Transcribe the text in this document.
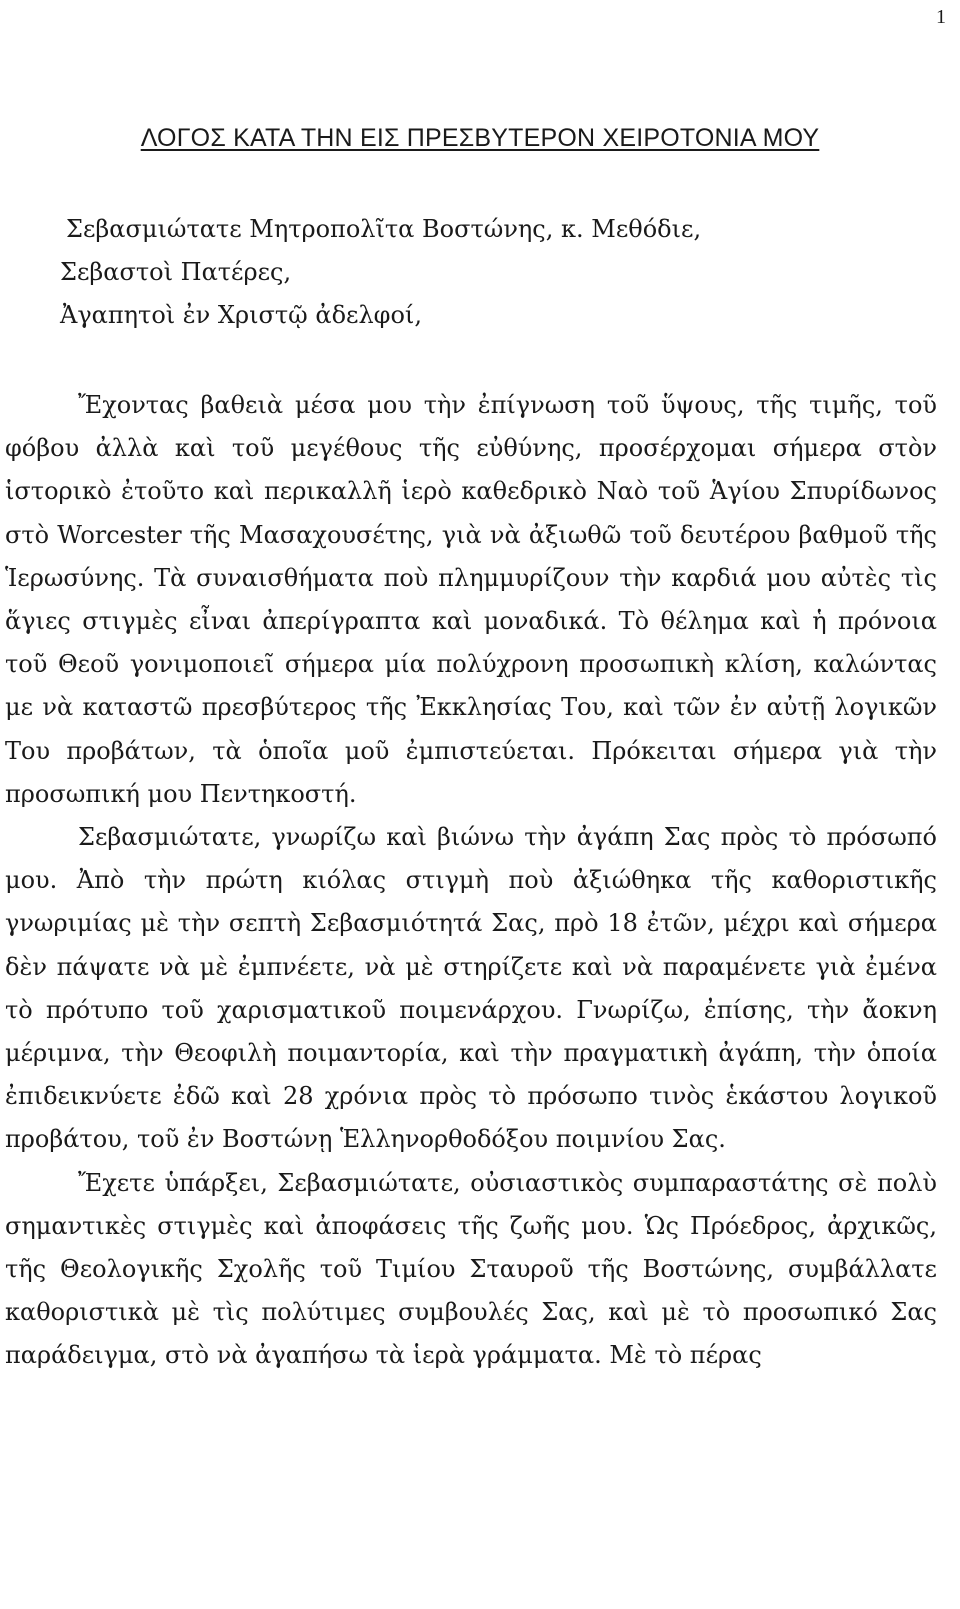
1
ΛΟΓΟΣ ΚΑΤΑ ΤΗΝ ΕΙΣ ΠΡΕΣΒΥΤΕΡΟΝ ΧΕΙΡΟΤΟΝΙΑ ΜΟΥ
Σεβασμιώτατε Μητροπολῖτα Βοστώνης, κ. Μεθόδιε,
Σεβαστοὶ Πατέρες,
Ἀγαπητοὶ ἐν Χριστῷ ἀδελφοί,

Ἔχοντας βαθειὰ μέσα μου τὴν ἐπίγνωση τοῦ ὕψους, τῆς τιμῆς, τοῦ φόβου ἀλλὰ καὶ τοῦ μεγέθους τῆς εὐθύνης, προσέρχομαι σήμερα στὸν ἱστορικὸ ἐτοῦτο καὶ περικαλλῆ ἱερὸ καθεδρικὸ Ναὸ τοῦ Ἁγίου Σπυρίδωνος στὸ Worcester τῆς Μασαχουσέτης, γιὰ νὰ ἀξιωθῶ τοῦ δευτέρου βαθμοῦ τῆς Ἱερωσύνης. Τὰ συναισθήματα ποὺ πλημμυρίζουν τὴν καρδιά μου αὐτὲς τὶς ἅγιες στιγμὲς εἶναι ἀπερίγραπτα καὶ μοναδικά. Τὸ θέλημα καὶ ἡ πρόνοια τοῦ Θεοῦ γονιμοποιεῖ σήμερα μία πολύχρονη προσωπικὴ κλίση, καλώντας με νὰ καταστῶ πρεσβύτερος τῆς Ἐκκλησίας Του, καὶ τῶν ἐν αὐτῇ λογικῶν Του προβάτων, τὰ ὁποῖα μοῦ ἐμπιστεύεται. Πρόκειται σήμερα γιὰ τὴν προσωπική μου Πεντηκοστή.

Σεβασμιώτατε, γνωρίζω καὶ βιώνω τὴν ἀγάπη Σας πρὸς τὸ πρόσωπό μου. Ἀπὸ τὴν πρώτη κιόλας στιγμὴ ποὺ ἀξιώθηκα τῆς καθοριστικῆς γνωριμίας μὲ τὴν σεπτὴ Σεβασμιότητά Σας, πρὸ 18 ἐτῶν, μέχρι καὶ σήμερα δὲν πάψατε νὰ μὲ ἐμπνέετε, νὰ μὲ στηρίζετε καὶ νὰ παραμένετε γιὰ ἐμένα τὸ πρότυπο τοῦ χαρισματικοῦ ποιμενάρχου. Γνωρίζω, ἐπίσης, τὴν ἄοκνη μέριμνα, τὴν Θεοφιλὴ ποιμαντορία, καὶ τὴν πραγματικὴ ἀγάπη, τὴν ὁποία ἐπιδεικνύετε ἐδῶ καὶ 28 χρόνια πρὸς τὸ πρόσωπο τινὸς ἑκάστου λογικοῦ προβάτου, τοῦ ἐν Βοστώνῃ Ἑλληνορθοδόξου ποιμνίου Σας.

Ἔχετε ὑπάρξει, Σεβασμιώτατε, οὐσιαστικὸς συμπαραστάτης σὲ πολὺ σημαντικὲς στιγμὲς καὶ ἀποφάσεις τῆς ζωῆς μου. Ὡς Πρόεδρος, ἀρχικῶς, τῆς Θεολογικῆς Σχολῆς τοῦ Τιμίου Σταυροῦ τῆς Βοστώνης, συμβάλλατε καθοριστικὰ μὲ τὶς πολύτιμες συμβουλές Σας, καὶ μὲ τὸ προσωπικό Σας παράδειγμα, στὸ νὰ ἀγαπήσω τὰ ἱερὰ γράμματα. Μὲ τὸ πέρας
